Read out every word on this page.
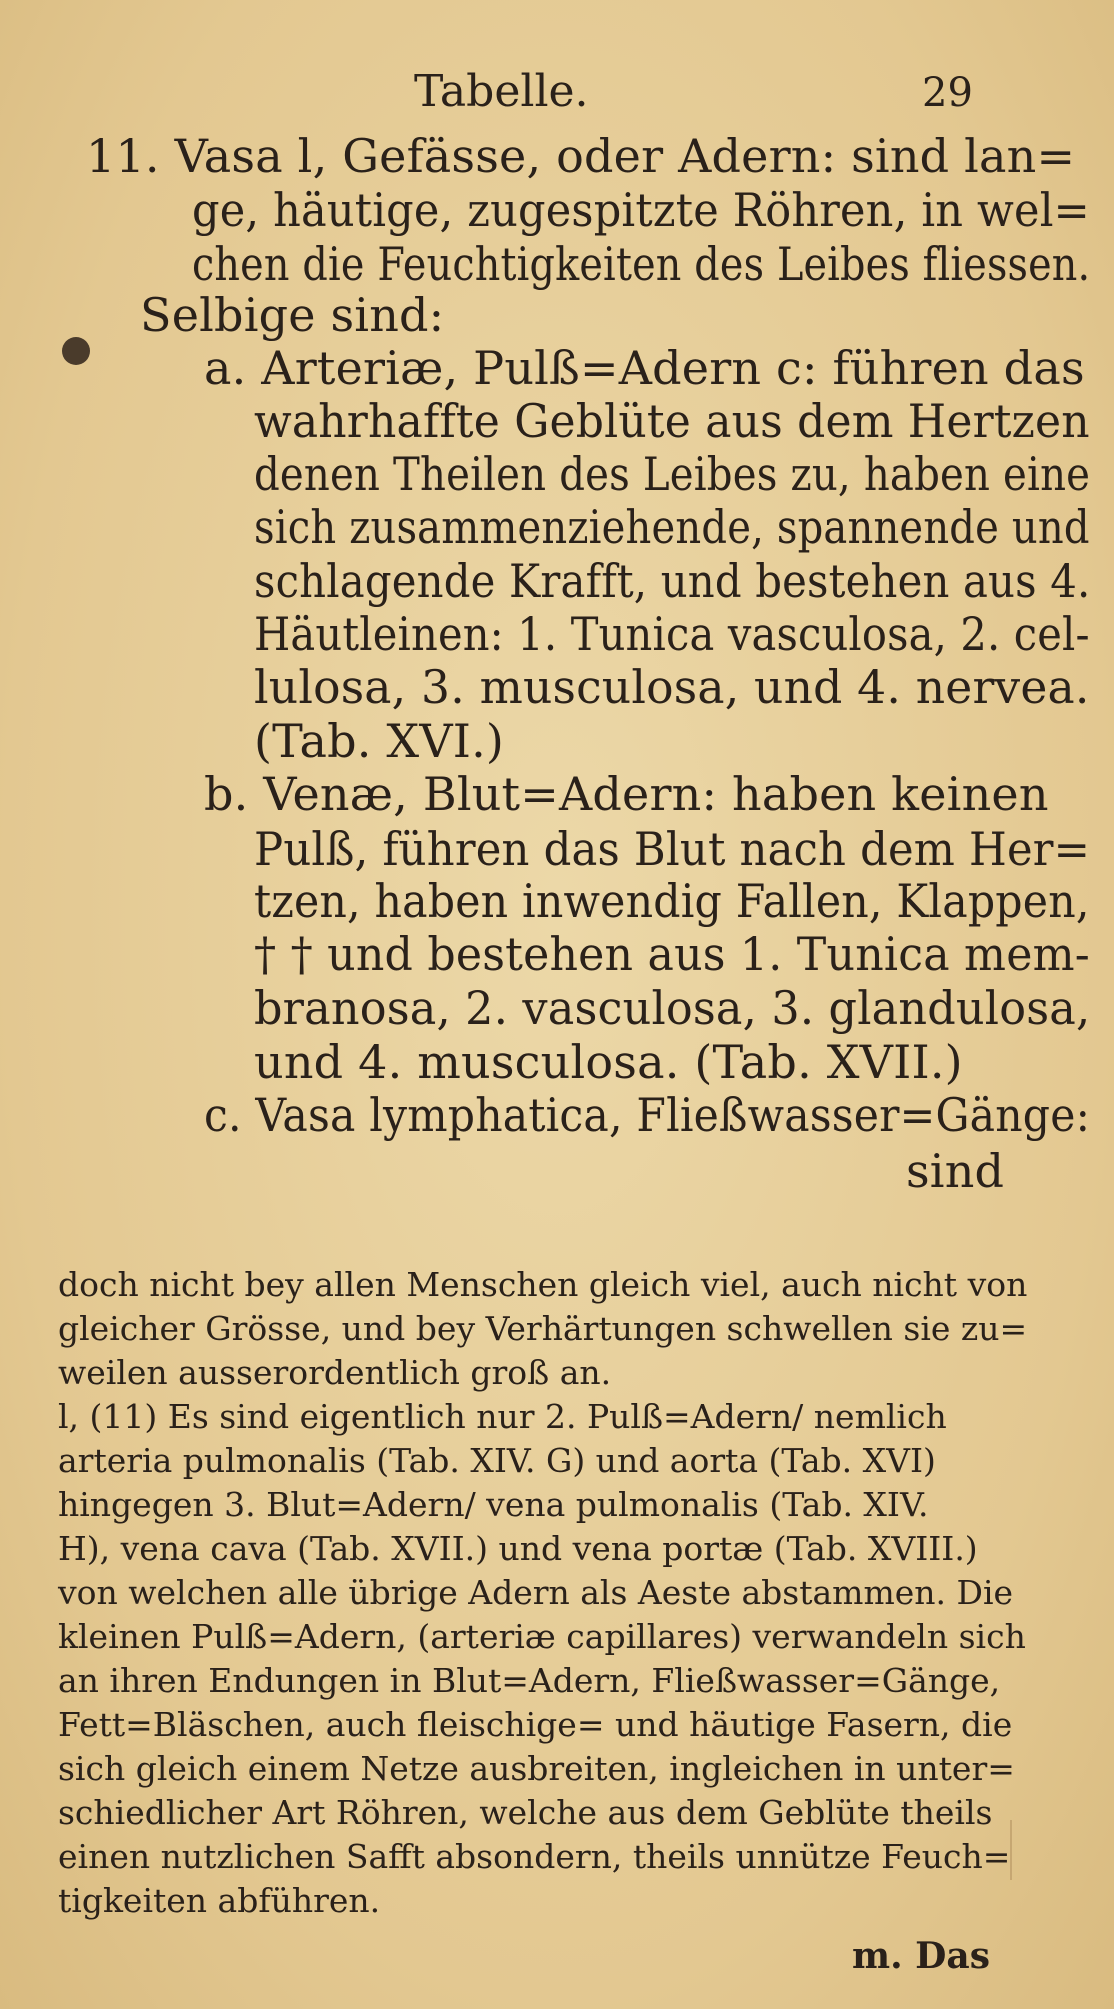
Tabelle.	29
11. Vasa l, Gefässe, oder Adern: sind lan=
ge, häutige, zugespitzte Röhren, in wel=
chen die Feuchtigkeiten des Leibes fliessen.
Selbige sind:
a. Arteriæ, Pulß=Adern c: führen das
wahrhaffte Geblüte aus dem Hertzen
denen Theilen des Leibes zu, haben eine
sich zusammenziehende, spannende und
schlagende Krafft, und bestehen aus 4.
Häutleinen: 1. Tunica vasculosa, 2. cel-
lulosa, 3. musculosa, und 4. nervea.
(Tab. XVI.)
b. Venæ, Blut=Adern: haben keinen
Pulß, führen das Blut nach dem Her=
tzen, haben inwendig Fallen, Klappen,
† † und bestehen aus 1. Tunica mem-
branosa, 2. vasculosa, 3. glandulosa,
und 4. musculosa. (Tab. XVII.)
c. Vasa lymphatica, Fließwasser=Gänge:
sind
doch nicht bey allen Menschen gleich viel, auch nicht von
gleicher Grösse, und bey Verhärtungen schwellen sie zu=
weilen ausserordentlich groß an.
l, (11) Es sind eigentlich nur 2. Pulß=Adern/ nemlich
arteria pulmonalis (Tab. XIV. G) und aorta (Tab. XVI)
hingegen 3. Blut=Adern/ vena pulmonalis (Tab. XIV.
H), vena cava (Tab. XVII.) und vena portæ (Tab. XVIII.)
von welchen alle übrige Adern als Aeste abstammen. Die
kleinen Pulß=Adern, (arteriæ capillares) verwandeln sich
an ihren Endungen in Blut=Adern, Fließwasser=Gänge,
Fett=Bläschen, auch fleischige= und häutige Fasern, die
sich gleich einem Netze ausbreiten, ingleichen in unter=
schiedlicher Art Röhren, welche aus dem Geblüte theils
einen nutzlichen Safft absondern, theils unnütze Feuch=
tigkeiten abführen.
m. Das
